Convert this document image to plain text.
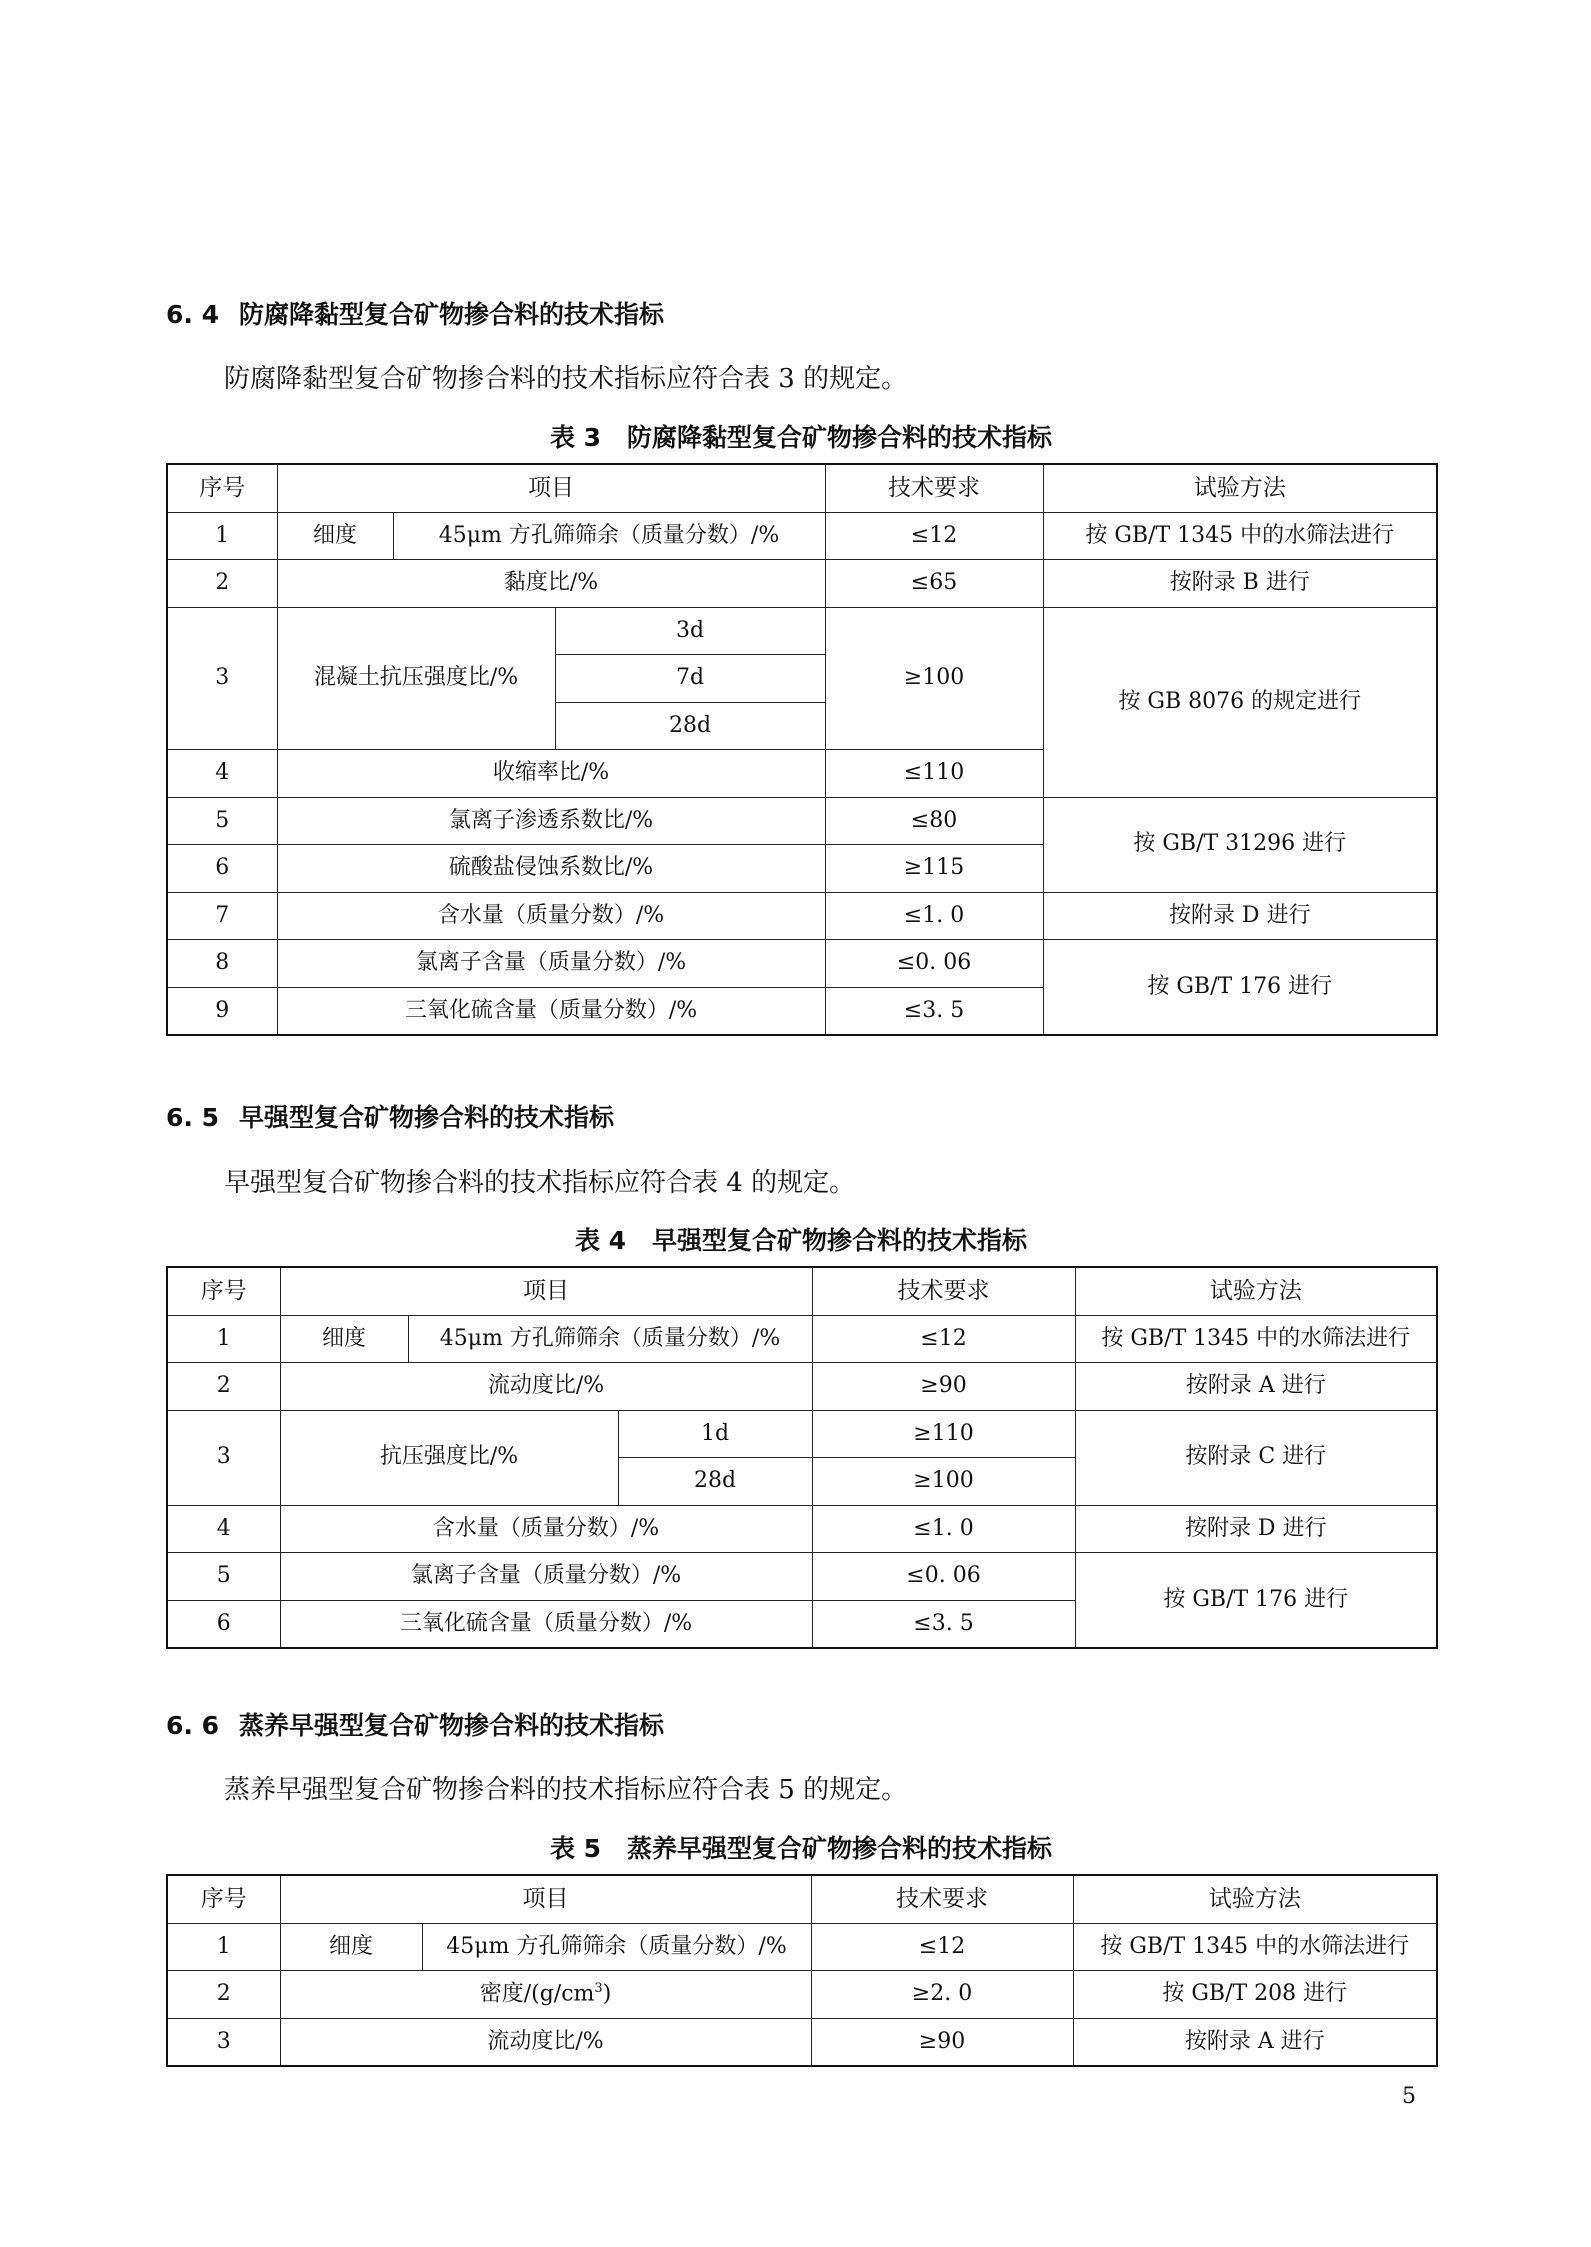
6. 4 防腐降黏型复合矿物掺合料的技术指标
防腐降黏型复合矿物掺合料的技术指标应符合表 3 的规定。
表 3 防腐降黏型复合矿物掺合料的技术指标
序号	项目			技术要求	试验方法
1	细度	45μm 方孔筛筛余（质量分数）/%		≤12	按 GB/T 1345 中的水筛法进行
2	黏度比/%			≤65	按附录 B 进行
3	混凝土抗压强度比/%		3d	≥100	按 GB 8076 的规定进行
			7d		
			28d		
4	收缩率比/%			≤110	
5	氯离子渗透系数比/%			≤80	按 GB/T 31296 进行
6	硫酸盐侵蚀系数比/%			≥115	
7	含水量（质量分数）/%			≤1. 0	按附录 D 进行
8	氯离子含量（质量分数）/%			≤0. 06	按 GB/T 176 进行
9	三氧化硫含量（质量分数）/%			≤3. 5	
6. 5 早强型复合矿物掺合料的技术指标
早强型复合矿物掺合料的技术指标应符合表 4 的规定。
表 4 早强型复合矿物掺合料的技术指标
序号	项目			技术要求	试验方法
1	细度	45μm 方孔筛筛余（质量分数）/%		≤12	按 GB/T 1345 中的水筛法进行
2	流动度比/%			≥90	按附录 A 进行
3	抗压强度比/%		1d	≥110	按附录 C 进行
			28d	≥100	
4	含水量（质量分数）/%			≤1. 0	按附录 D 进行
5	氯离子含量（质量分数）/%			≤0. 06	按 GB/T 176 进行
6	三氧化硫含量（质量分数）/%			≤3. 5	
6. 6 蒸养早强型复合矿物掺合料的技术指标
蒸养早强型复合矿物掺合料的技术指标应符合表 5 的规定。
表 5 蒸养早强型复合矿物掺合料的技术指标
序号	项目		技术要求	试验方法
1	细度	45μm 方孔筛筛余（质量分数）/%	≤12	按 GB/T 1345 中的水筛法进行
2	密度$/(g/cm^3)$		≥2. 0	按 GB/T 208 进行
3	流动度比/%		≥90	按附录 A 进行
5
